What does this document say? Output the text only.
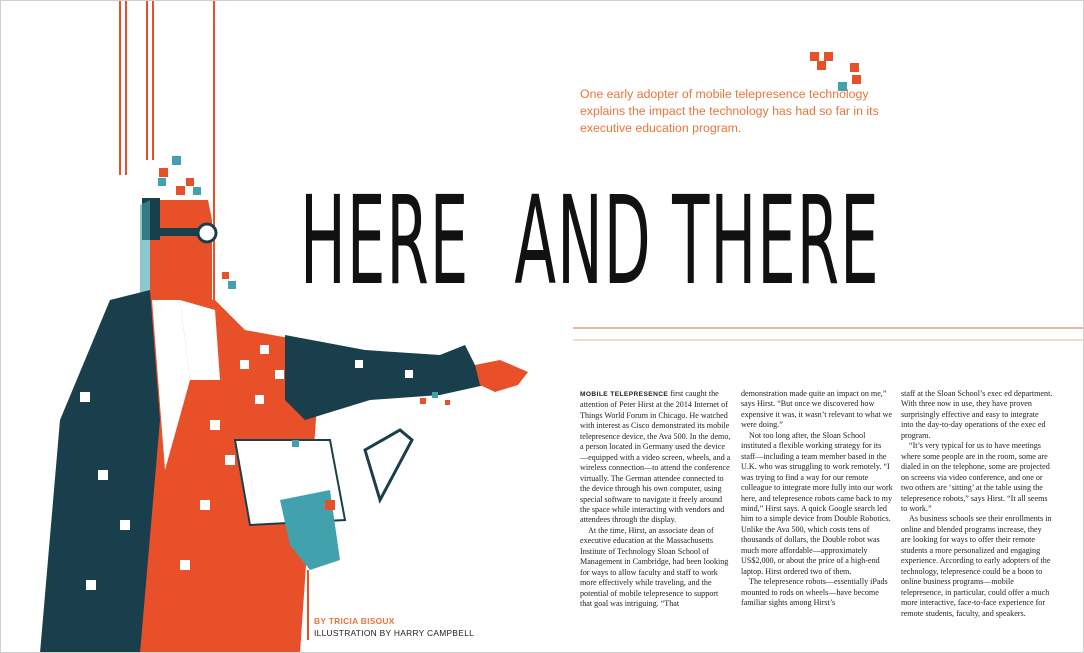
One early adopter of mobile telepresence technology explains the impact the technology has had so far in its executive education program.
HERE AND THERE

MOBILE TELEPRESENCE first caught the attention of Peter Hirst at the 2014 Internet of Things World Forum in Chicago. He watched with interest as Cisco demonstrated its mobile telepresence device, the Ava 500. In the demo, a person located in Germany used the device—equipped with a video screen, wheels, and a wireless connection—to attend the conference virtually. The German attendee connected to the device through his own computer, using special software to navigate it freely around the space while interacting with vendors and attendees through the display.

At the time, Hirst, an associate dean of executive education at the Massachusetts Institute of Technology Sloan School of Management in Cambridge, had been looking for ways to allow faculty and staff to work more effectively while traveling, and the potential of mobile telepresence to support that goal was intriguing. “That

demonstration made quite an impact on me,” says Hirst. “But once we discovered how expensive it was, it wasn’t relevant to what we were doing.”

Not too long after, the Sloan School instituted a flexible working strategy for its staff—including a team member based in the U.K. who was struggling to work remotely. “I was trying to find a way for our remote colleague to integrate more fully into our work here, and telepresence robots came back to my mind,” Hirst says. A quick Google search led him to a simple device from Double Robotics. Unlike the Ava 500, which costs tens of thousands of dollars, the Double robot was much more affordable—approximately US$2,000, or about the price of a high-end laptop. Hirst ordered two of them.

The telepresence robots—essentially iPads mounted to rods on wheels—have become familiar sights among Hirst’s

staff at the Sloan School’s exec ed department. With three now in use, they have proven surprisingly effective and easy to integrate into the day-to-day operations of the exec ed program.

“It’s very typical for us to have meetings where some people are in the room, some are dialed in on the telephone, some are projected on screens via video conference, and one or two others are ‘sitting’ at the table using the telepresence robots,” says Hirst. “It all seems to work.”

As business schools see their enrollments in online and blended programs increase, they are looking for ways to offer their remote students a more personalized and engaging experience. According to early adopters of the technology, telepresence could be a boon to online business programs—mobile telepresence, in particular, could offer a much more interactive, face-to-face experience for remote students, faculty, and speakers.

BY TRICIA BISOUX
ILLUSTRATION BY HARRY CAMPBELL
